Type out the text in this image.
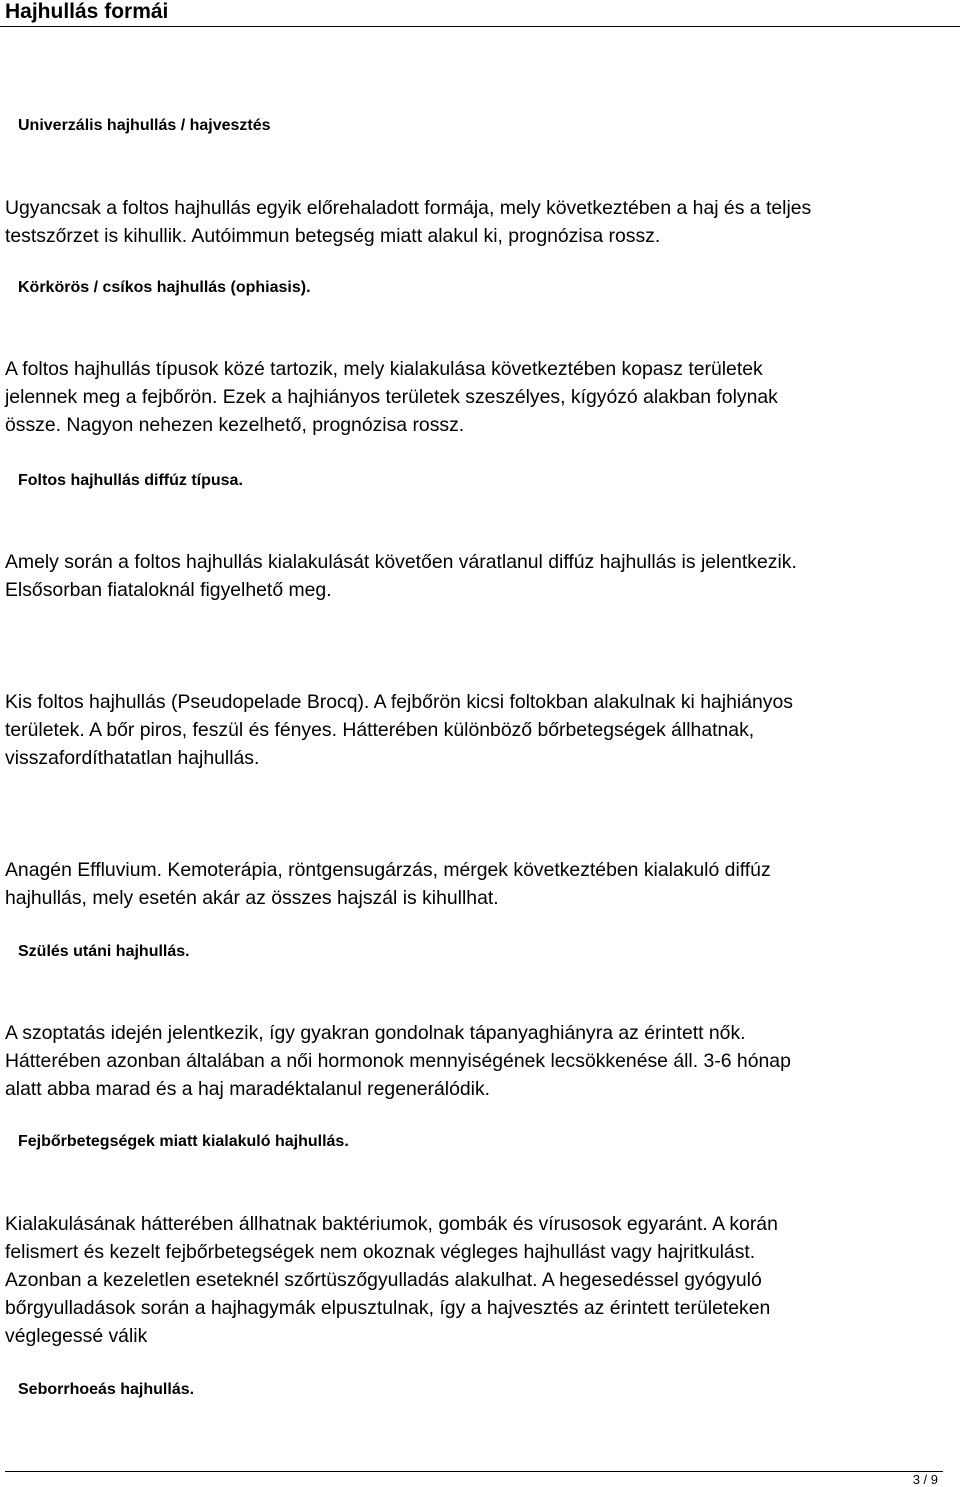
Hajhullás formái
Univerzális hajhullás / hajvesztés

Ugyancsak a foltos hajhullás egyik előrehaladott formája, mely következtében a haj és a teljes
testszőrzet is kihullik. Autóimmun betegség miatt alakul ki, prognózisa rossz.

Körkörös / csíkos hajhullás (ophiasis).

A foltos hajhullás típusok közé tartozik, mely kialakulása következtében kopasz területek
jelennek meg a fejbőrön. Ezek a hajhiányos területek szeszélyes, kígyózó alakban folynak
össze. Nagyon nehezen kezelhető, prognózisa rossz.

Foltos hajhullás diffúz típusa.

Amely során a foltos hajhullás kialakulását követően váratlanul diffúz hajhullás is jelentkezik.
Elsősorban fiataloknál figyelhető meg.

Kis foltos hajhullás (Pseudopelade Brocq). A fejbőrön kicsi foltokban alakulnak ki hajhiányos
területek. A bőr piros, feszül és fényes. Hátterében különböző bőrbetegségek állhatnak,
visszafordíthatatlan hajhullás.

Anagén Effluvium. Kemoterápia, röntgensugárzás, mérgek következtében kialakuló diffúz
hajhullás, mely esetén akár az összes hajszál is kihullhat.

Szülés utáni hajhullás.

A szoptatás idején jelentkezik, így gyakran gondolnak tápanyaghiányra az érintett nők.
Hátterében azonban általában a női hormonok mennyiségének lecsökkenése áll. 3-6 hónap
alatt abba marad és a haj maradéktalanul regenerálódik.

Fejbőrbetegségek miatt kialakuló hajhullás.

Kialakulásának hátterében állhatnak baktériumok, gombák és vírusosok egyaránt. A korán
felismert és kezelt fejbőrbetegségek nem okoznak végleges hajhullást vagy hajritkulást.
Azonban a kezeletlen eseteknél szőrtüszőgyulladás alakulhat. A hegesedéssel gyógyuló
bőrgyulladások során a hajhagymák elpusztulnak, így a hajvesztés az érintett területeken
véglegessé válik

Seborrhoeás hajhullás.
3 / 9
